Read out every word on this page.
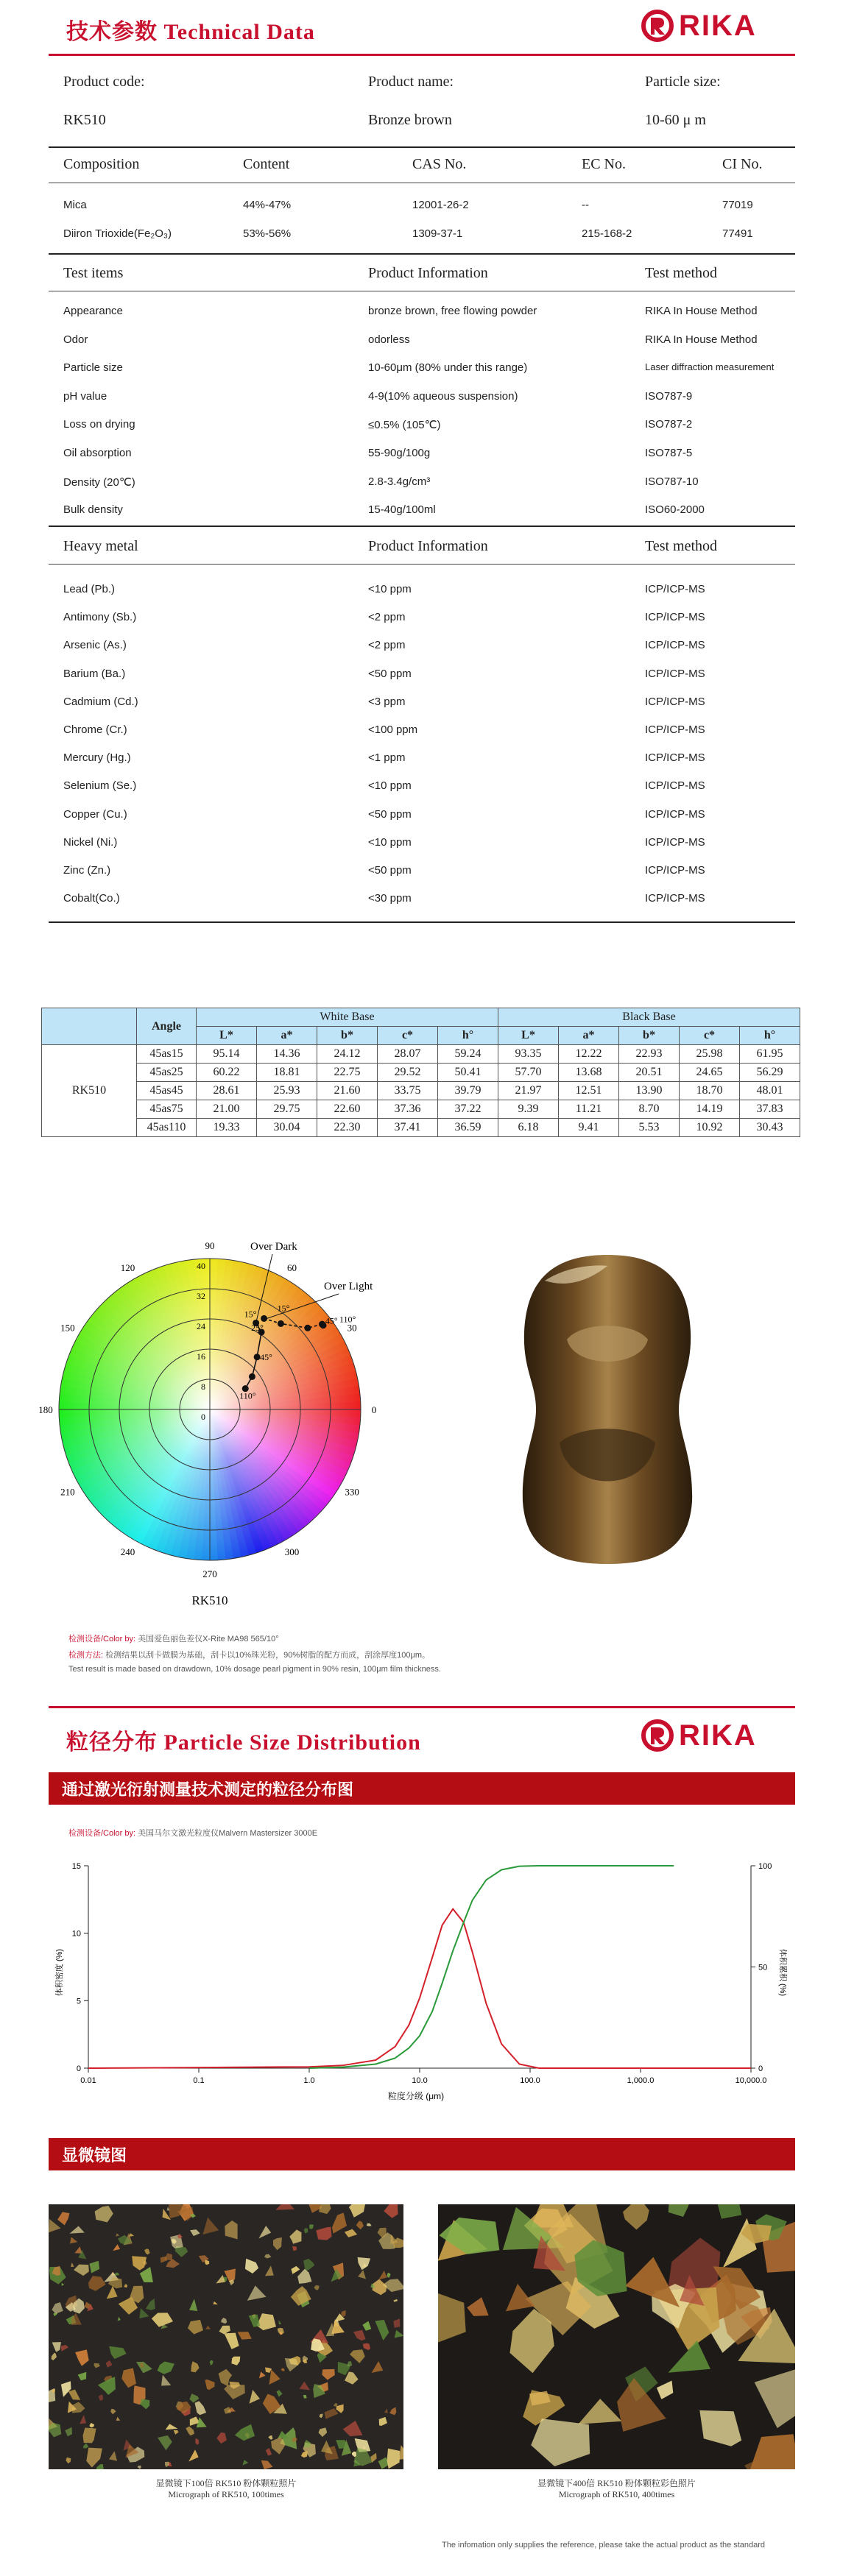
技术参数 Technical Data	RIKA
Product code:	Product name:	Particle size:
RK510	Bronze brown	10-60 μ m
Composition	Content	CAS No.	EC No.	CI No.
Mica	44%-47%	12001-26-2	--	77019
Diiron Trioxide(Fe₂O₃)	53%-56%	1309-37-1	215-168-2	77491
Test items	Product Information	Test method
Appearance	bronze brown, free flowing powder	RIKA In House Method
Odor	odorless	RIKA In House Method
Particle size	10-60μm (80% under this range)	Laser diffraction measurement
pH value	4-9(10% aqueous suspension)	ISO787-9
Loss on drying	≤0.5% (105℃)	ISO787-2
Oil absorption	55-90g/100g	ISO787-5
Density (20℃)	2.8-3.4g/cm³	ISO787-10
Bulk density	15-40g/100ml	ISO60-2000
Heavy metal	Product Information	Test method
Lead (Pb.)	<10 ppm	ICP/ICP-MS
Antimony (Sb.)	<2 ppm	ICP/ICP-MS
Arsenic (As.)	<2 ppm	ICP/ICP-MS
Barium (Ba.)	<50 ppm	ICP/ICP-MS
Cadmium (Cd.)	<3 ppm	ICP/ICP-MS
Chrome (Cr.)	<100 ppm	ICP/ICP-MS
Mercury (Hg.)	<1 ppm	ICP/ICP-MS
Selenium (Se.)	<10 ppm	ICP/ICP-MS
Copper (Cu.)	<50 ppm	ICP/ICP-MS
Nickel (Ni.)	<10 ppm	ICP/ICP-MS
Zinc (Zn.)	<50 ppm	ICP/ICP-MS
Cobalt(Co.)	<30 ppm	ICP/ICP-MS
	Angle	White Base					Black Base				
		L*	a*	b*	c*	h°	L*	a*	b*	c*	h°
RK510	45as15	95.14	14.36	24.12	28.07	59.24	93.35	12.22	22.93	25.98	61.95
	45as25	60.22	18.81	22.75	29.52	50.41	57.70	13.68	20.51	24.65	56.29
	45as45	28.61	25.93	21.60	33.75	39.79	21.97	12.51	13.90	18.70	48.01
	45as75	21.00	29.75	22.60	37.36	37.22	9.39	11.21	8.70	14.19	37.83
	45as110	19.33	30.04	22.30	37.41	36.59	6.18	9.41	5.53	10.92	30.43
90
60
30
0
330
300
270
240
210
180
150
120	40
32
24
16
8
0
15°
25°
45°
110°
15°
45° 110°
Over Dark
Over Light
RK510
检测设备/Color by: 美国爱色丽色差仪X-Rite MA98 565/10°
检测方法: 检测结果以刮卡做膜为基础，刮卡以10%珠光粉，90%树脂的配方而成，刮涂厚度100μm。
Test result is made based on drawdown, 10% dosage pearl pigment in 90% resin, 100μm film thickness.
粒径分布 Particle Size Distribution	RIKA
通过激光衍射测量技术测定的粒径分布图
检测设备/Color by: 美国马尔文激光粒度仪Malvern Mastersizer 3000E
0.01	0.1	1.0	10.0	100.0	1,000.0	10,000.0
15
10
5
0
100
50
0
粒度分级 (μm)
体积密度 (%)	体积累积 (%)
显微镜图
显微镜下100倍 RK510 粉体颗粒照片
Micrograph of RK510, 100times
显微镜下400倍 RK510 粉体颗粒彩色照片
Micrograph of RK510, 400times
The infomation only supplies the reference, please take the actual product as the standard
